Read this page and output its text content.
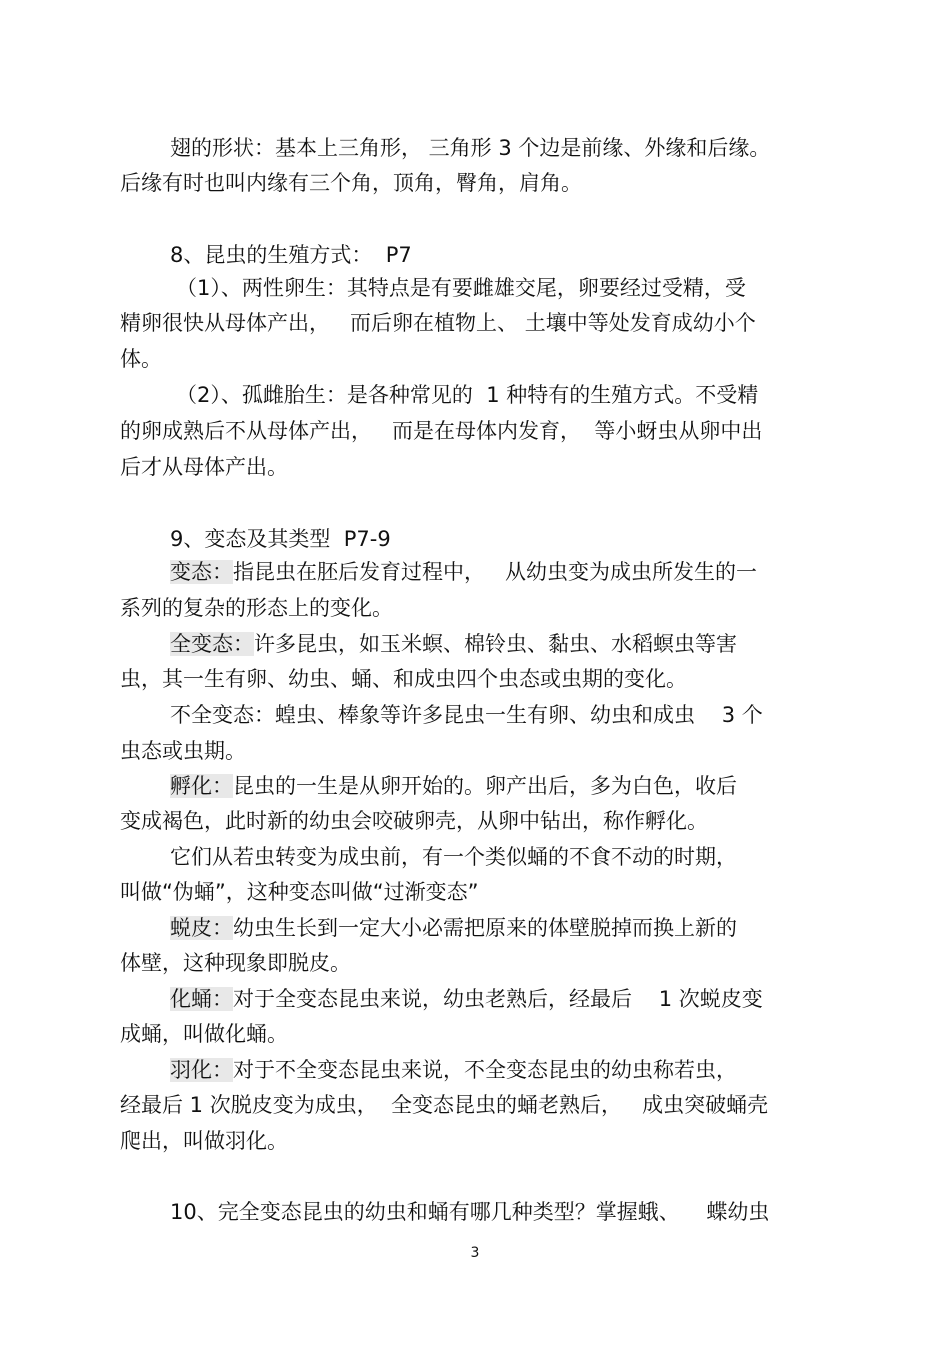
翅的形状：基本上三角形， 三角形 3 个边是前缘、外缘和后缘。
后缘有时也叫内缘有三个角，顶角，臀角，肩角。
8、昆虫的生殖方式：  P7
（1）、两性卵生：其特点是有要雌雄交尾，卵要经过受精，受
精卵很快从母体产出，   而后卵在植物上、 土壤中等处发育成幼小个
体。
（2）、孤雌胎生：是各种常见的  1 种特有的生殖方式。不受精
的卵成熟后不从母体产出，   而是在母体内发育，  等小蚜虫从卵中出
后才从母体产出。
9、变态及其类型  P7-9
变态：指昆虫在胚后发育过程中，   从幼虫变为成虫所发生的一
系列的复杂的形态上的变化。
全变态：许多昆虫，如玉米螟、棉铃虫、黏虫、水稻螟虫等害
虫，其一生有卵、幼虫、蛹、和成虫四个虫态或虫期的变化。
不全变态：蝗虫、棒象等许多昆虫一生有卵、幼虫和成虫    3 个
虫态或虫期。
孵化：昆虫的一生是从卵开始的。卵产出后，多为白色，收后
变成褐色，此时新的幼虫会咬破卵壳，从卵中钻出，称作孵化。
它们从若虫转变为成虫前，有一个类似蛹的不食不动的时期，
叫做“伪蛹”，这种变态叫做“过渐变态”
蜕皮：幼虫生长到一定大小必需把原来的体壁脱掉而换上新的
体壁，这种现象即脱皮。
化蛹：对于全变态昆虫来说，幼虫老熟后，经最后    1 次蜕皮变
成蛹，叫做化蛹。
羽化：对于不全变态昆虫来说，不全变态昆虫的幼虫称若虫，
经最后 1 次脱皮变为成虫，  全变态昆虫的蛹老熟后，   成虫突破蛹壳
爬出，叫做羽化。
10、完全变态昆虫的幼虫和蛹有哪几种类型？掌握蛾、    蝶幼虫
3
